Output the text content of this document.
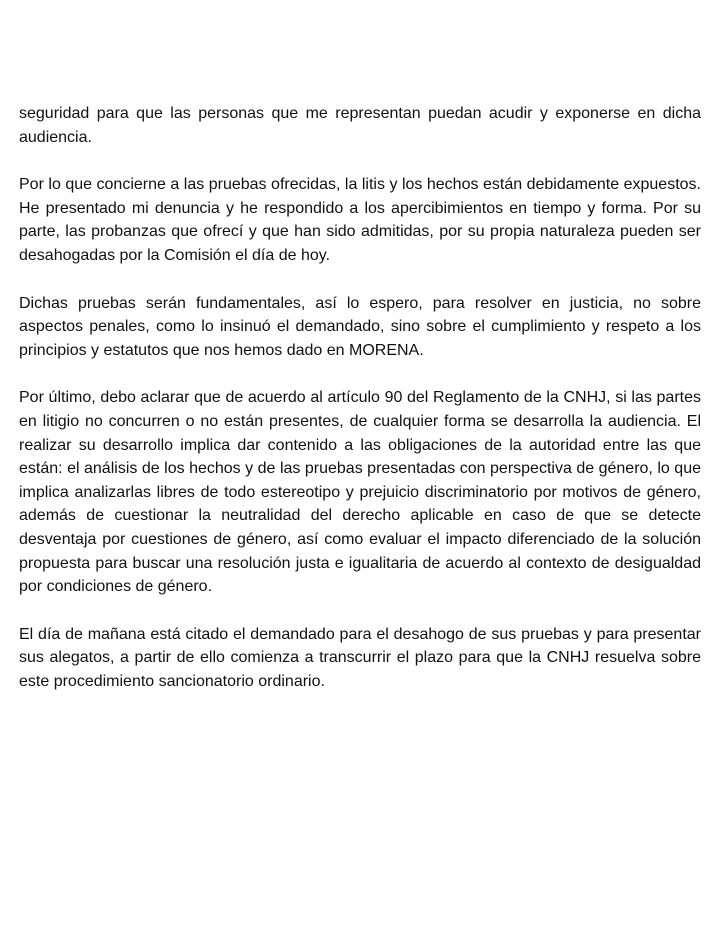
seguridad para que las personas que me representan puedan acudir y exponerse en dicha audiencia.

Por lo que concierne a las pruebas ofrecidas, la litis y los hechos están debidamente expuestos. He presentado mi denuncia y he respondido a los apercibimientos en tiempo y forma. Por su parte, las probanzas que ofrecí y que han sido admitidas, por su propia naturaleza pueden ser desahogadas por la Comisión el día de hoy.

Dichas pruebas serán fundamentales, así lo espero, para resolver en justicia, no sobre aspectos penales, como lo insinuó el demandado, sino sobre el cumplimiento y respeto a los principios y estatutos que nos hemos dado en MORENA.

Por último, debo aclarar que de acuerdo al artículo 90 del Reglamento de la CNHJ, si las partes en litigio no concurren o no están presentes, de cualquier forma se desarrolla la audiencia. El realizar su desarrollo implica dar contenido a las obligaciones de la autoridad entre las que están: el análisis de los hechos y de las pruebas presentadas con perspectiva de género, lo que implica analizarlas libres de todo estereotipo y prejuicio discriminatorio por motivos de género, además de cuestionar la neutralidad del derecho aplicable en caso de que se detecte desventaja por cuestiones de género, así como evaluar el impacto diferenciado de la solución propuesta para buscar una resolución justa e igualitaria de acuerdo al contexto de desigualdad por condiciones de género.

El día de mañana está citado el demandado para el desahogo de sus pruebas y para presentar sus alegatos, a partir de ello comienza a transcurrir el plazo para que la CNHJ resuelva sobre este procedimiento sancionatorio ordinario.
